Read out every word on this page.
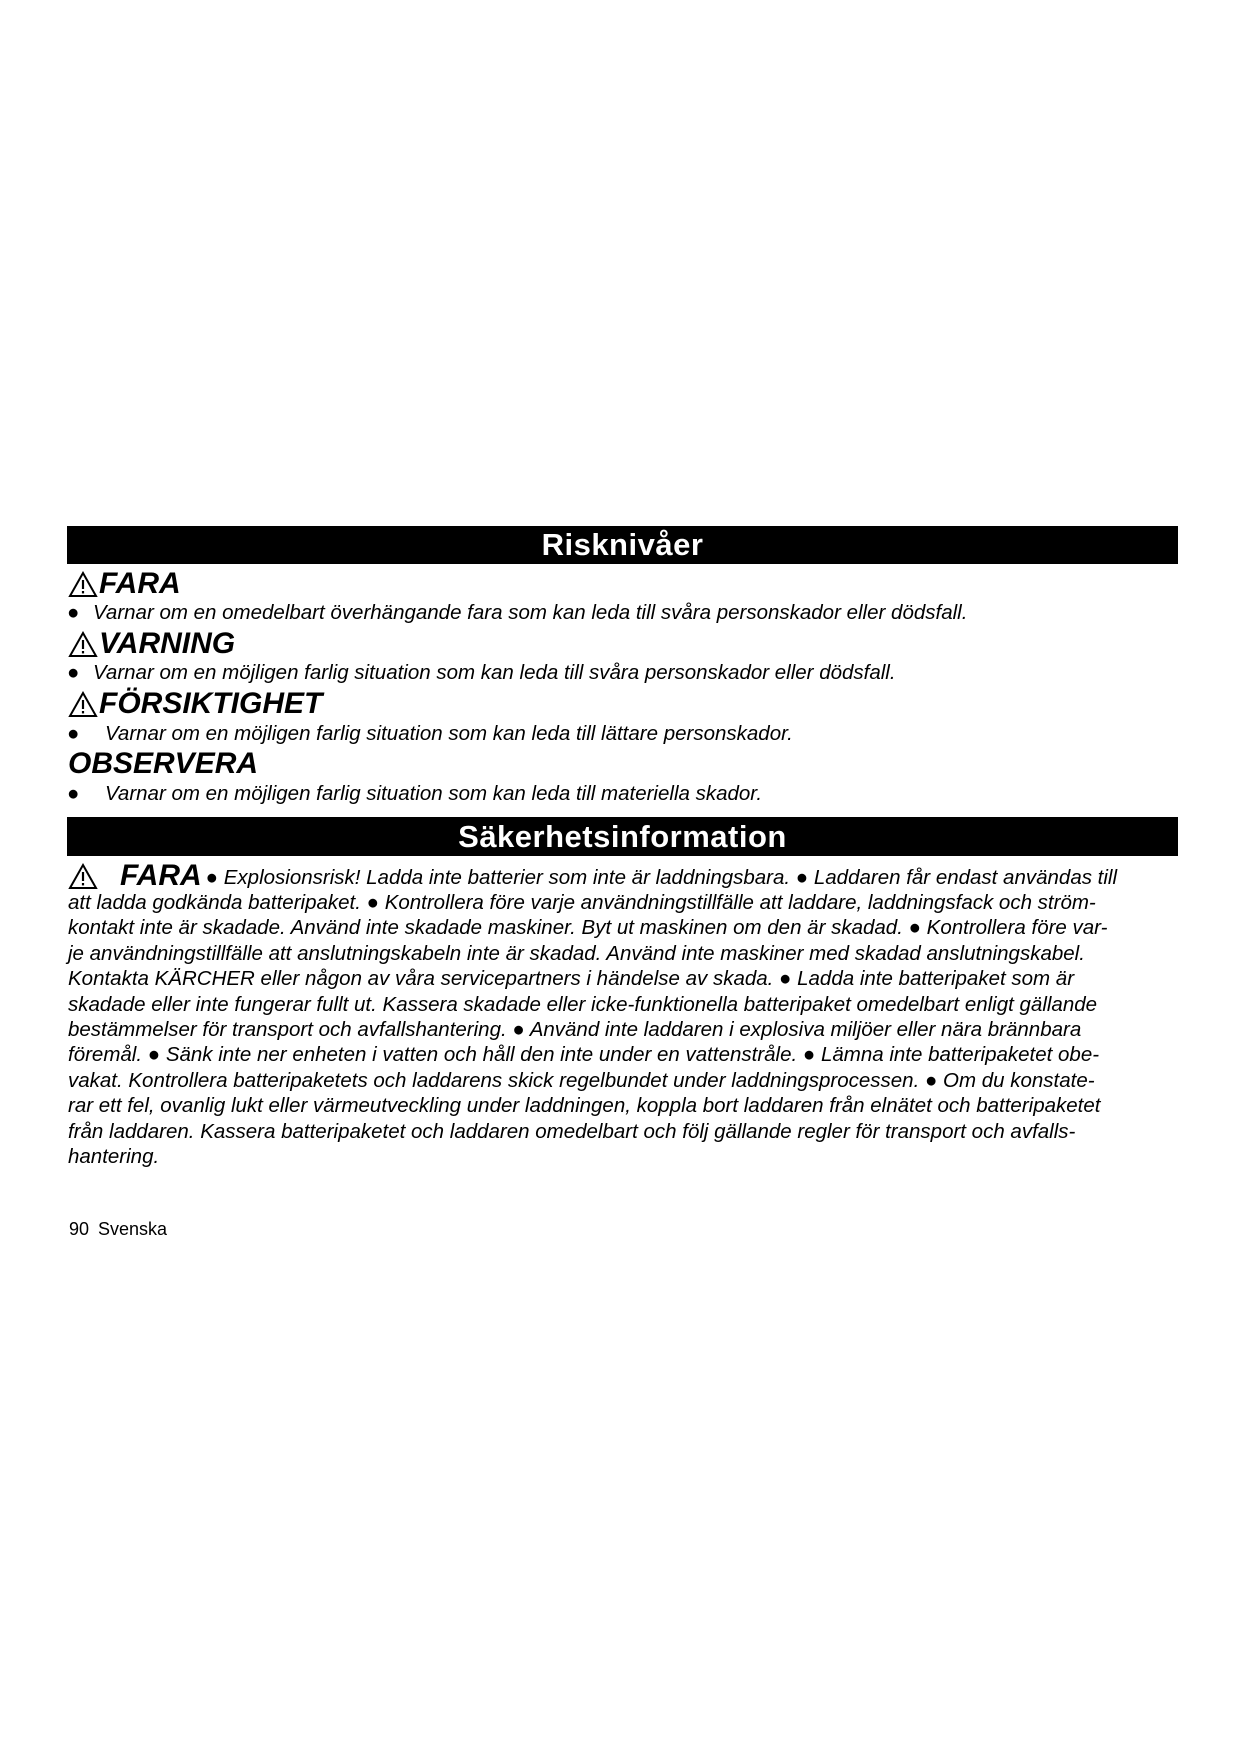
Risknivåer
FARA
● Varnar om en omedelbart överhängande fara som kan leda till svåra personskador eller dödsfall.
VARNING
● Varnar om en möjligen farlig situation som kan leda till svåra personskador eller dödsfall.
FÖRSIKTIGHET
● Varnar om en möjligen farlig situation som kan leda till lättare personskador.
OBSERVERA
● Varnar om en möjligen farlig situation som kan leda till materiella skador.
Säkerhetsinformation
FARA ● Explosionsrisk! Ladda inte batterier som inte är laddningsbara. ● Laddaren får endast användas till
att ladda godkända batteripaket. ● Kontrollera före varje användningstillfälle att laddare, laddningsfack och ström-
kontakt inte är skadade. Använd inte skadade maskiner. Byt ut maskinen om den är skadad. ● Kontrollera före var-
je användningstillfälle att anslutningskabeln inte är skadad. Använd inte maskiner med skadad anslutningskabel.
Kontakta KÄRCHER eller någon av våra servicepartners i händelse av skada. ● Ladda inte batteripaket som är
skadade eller inte fungerar fullt ut. Kassera skadade eller icke-funktionella batteripaket omedelbart enligt gällande
bestämmelser för transport och avfallshantering. ● Använd inte laddaren i explosiva miljöer eller nära brännbara
föremål. ● Sänk inte ner enheten i vatten och håll den inte under en vattenstråle. ● Lämna inte batteripaketet obe-
vakat. Kontrollera batteripaketets och laddarens skick regelbundet under laddningsprocessen. ● Om du konstate-
rar ett fel, ovanlig lukt eller värmeutveckling under laddningen, koppla bort laddaren från elnätet och batteripaketet
från laddaren. Kassera batteripaketet och laddaren omedelbart och följ gällande regler för transport och avfalls-
hantering.
90 Svenska
